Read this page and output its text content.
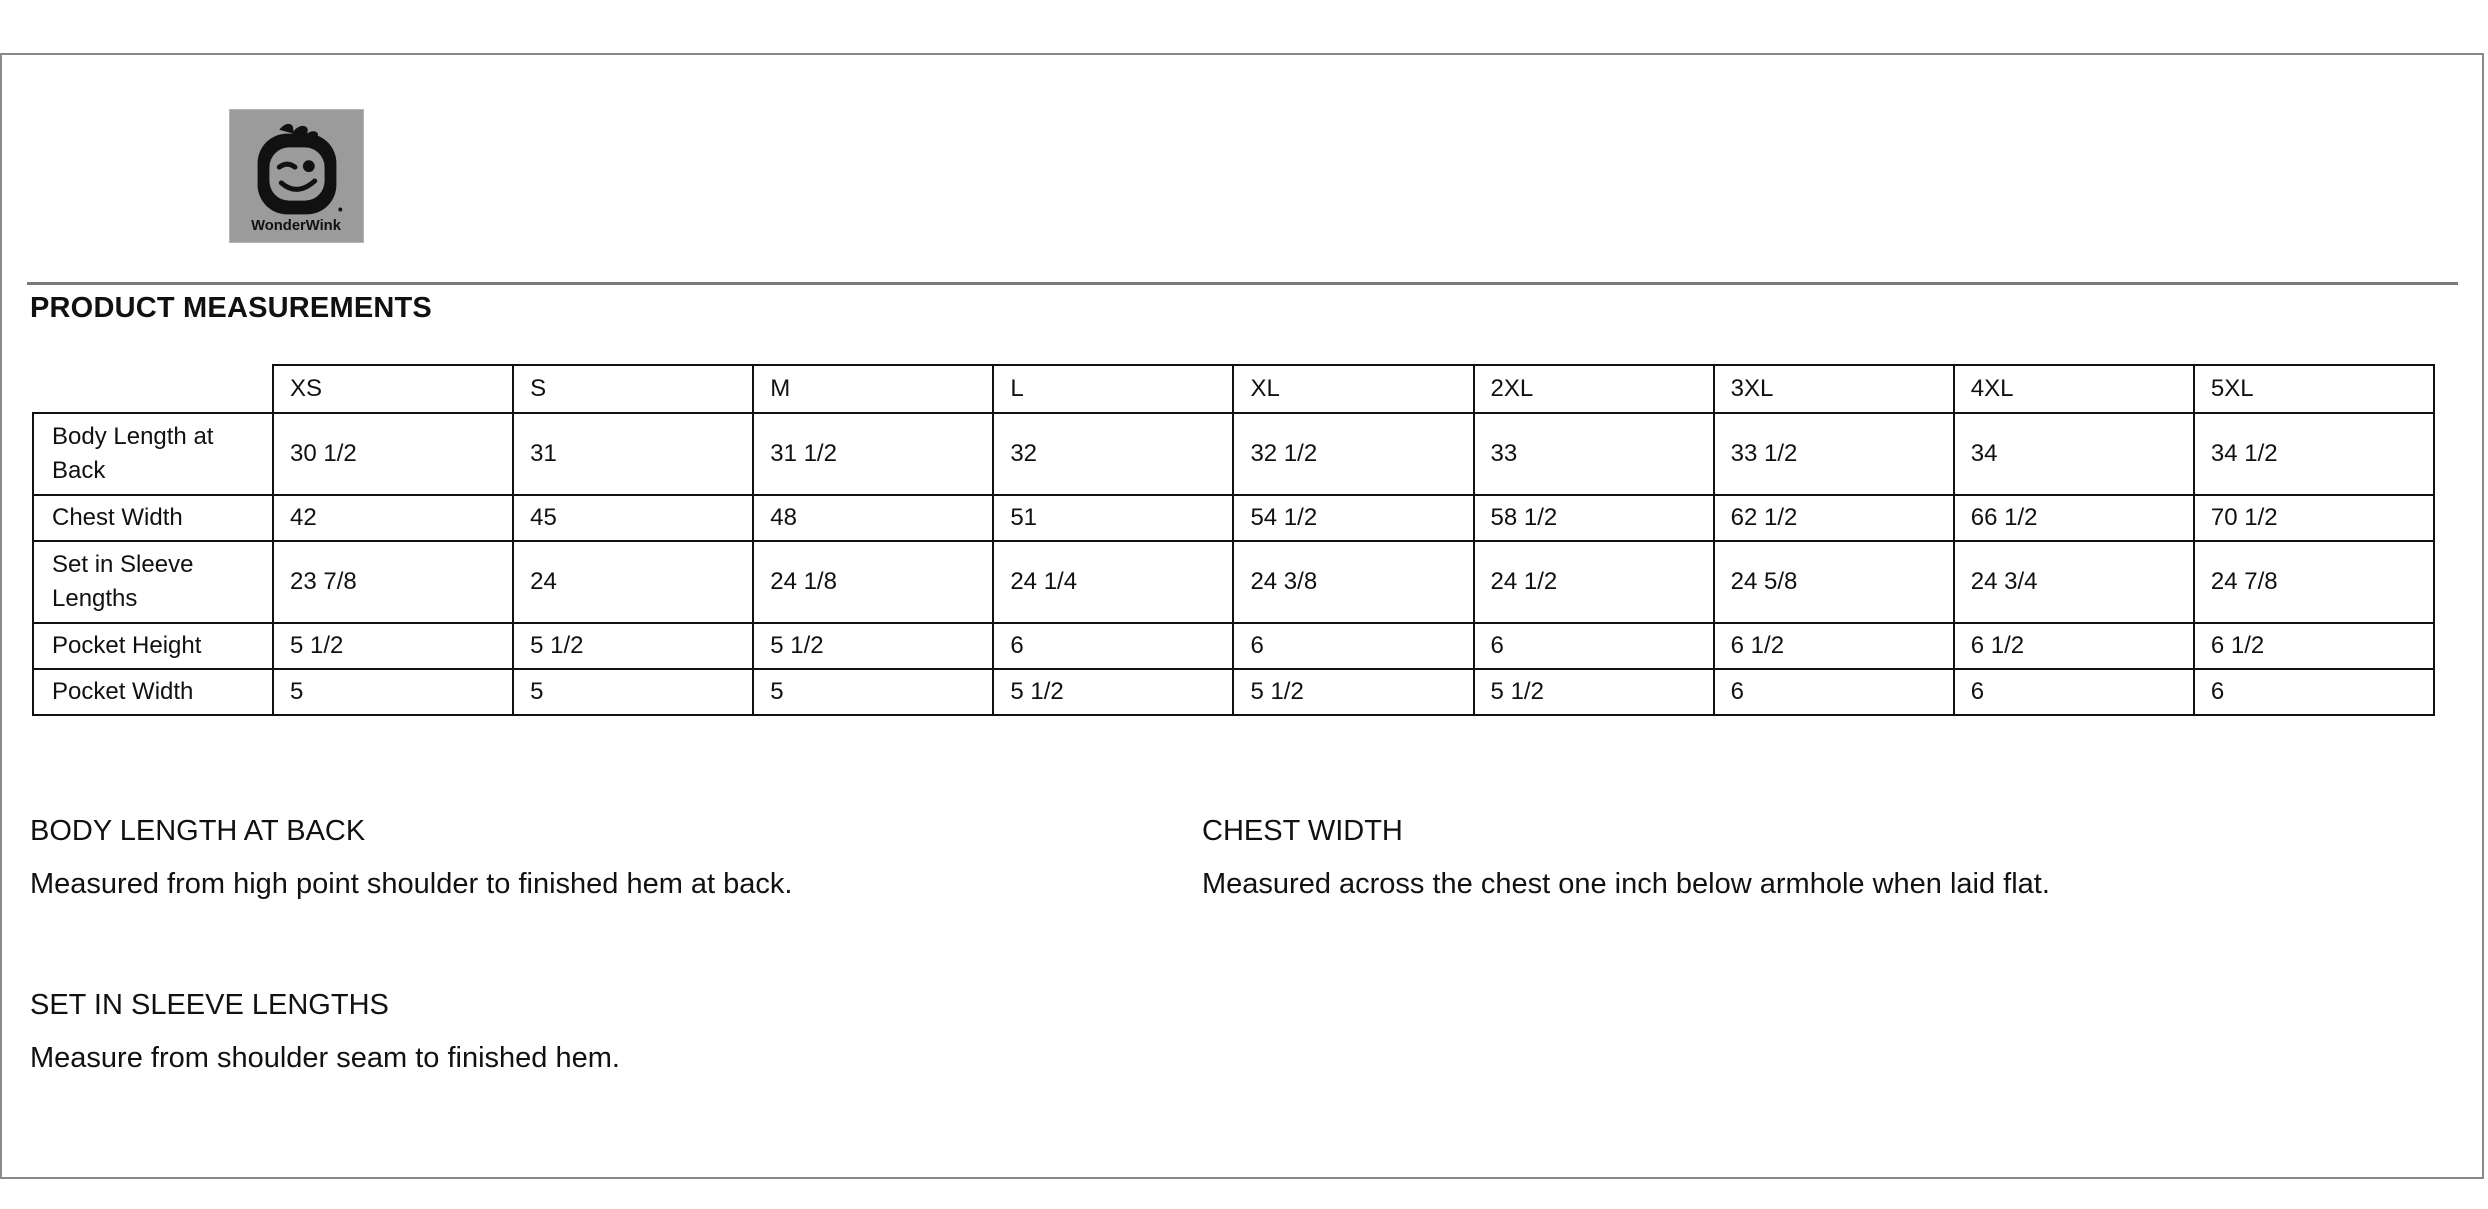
WonderWink
PRODUCT MEASUREMENTS
	XS	S	M	L	XL	2XL	3XL	4XL	5XL
Body Length at Back	30 1/2	31	31 1/2	32	32 1/2	33	33 1/2	34	34 1/2
Chest Width	42	45	48	51	54 1/2	58 1/2	62 1/2	66 1/2	70 1/2
Set in Sleeve Lengths	23 7/8	24	24 1/8	24 1/4	24 3/8	24 1/2	24 5/8	24 3/4	24 7/8
Pocket Height	5 1/2	5 1/2	5 1/2	6	6	6	6 1/2	6 1/2	6 1/2
Pocket Width	5	5	5	5 1/2	5 1/2	5 1/2	6	6	6
BODY LENGTH AT BACK
Measured from high point shoulder to finished hem at back.
CHEST WIDTH
Measured across the chest one inch below armhole when laid flat.
SET IN SLEEVE LENGTHS
Measure from shoulder seam to finished hem.
